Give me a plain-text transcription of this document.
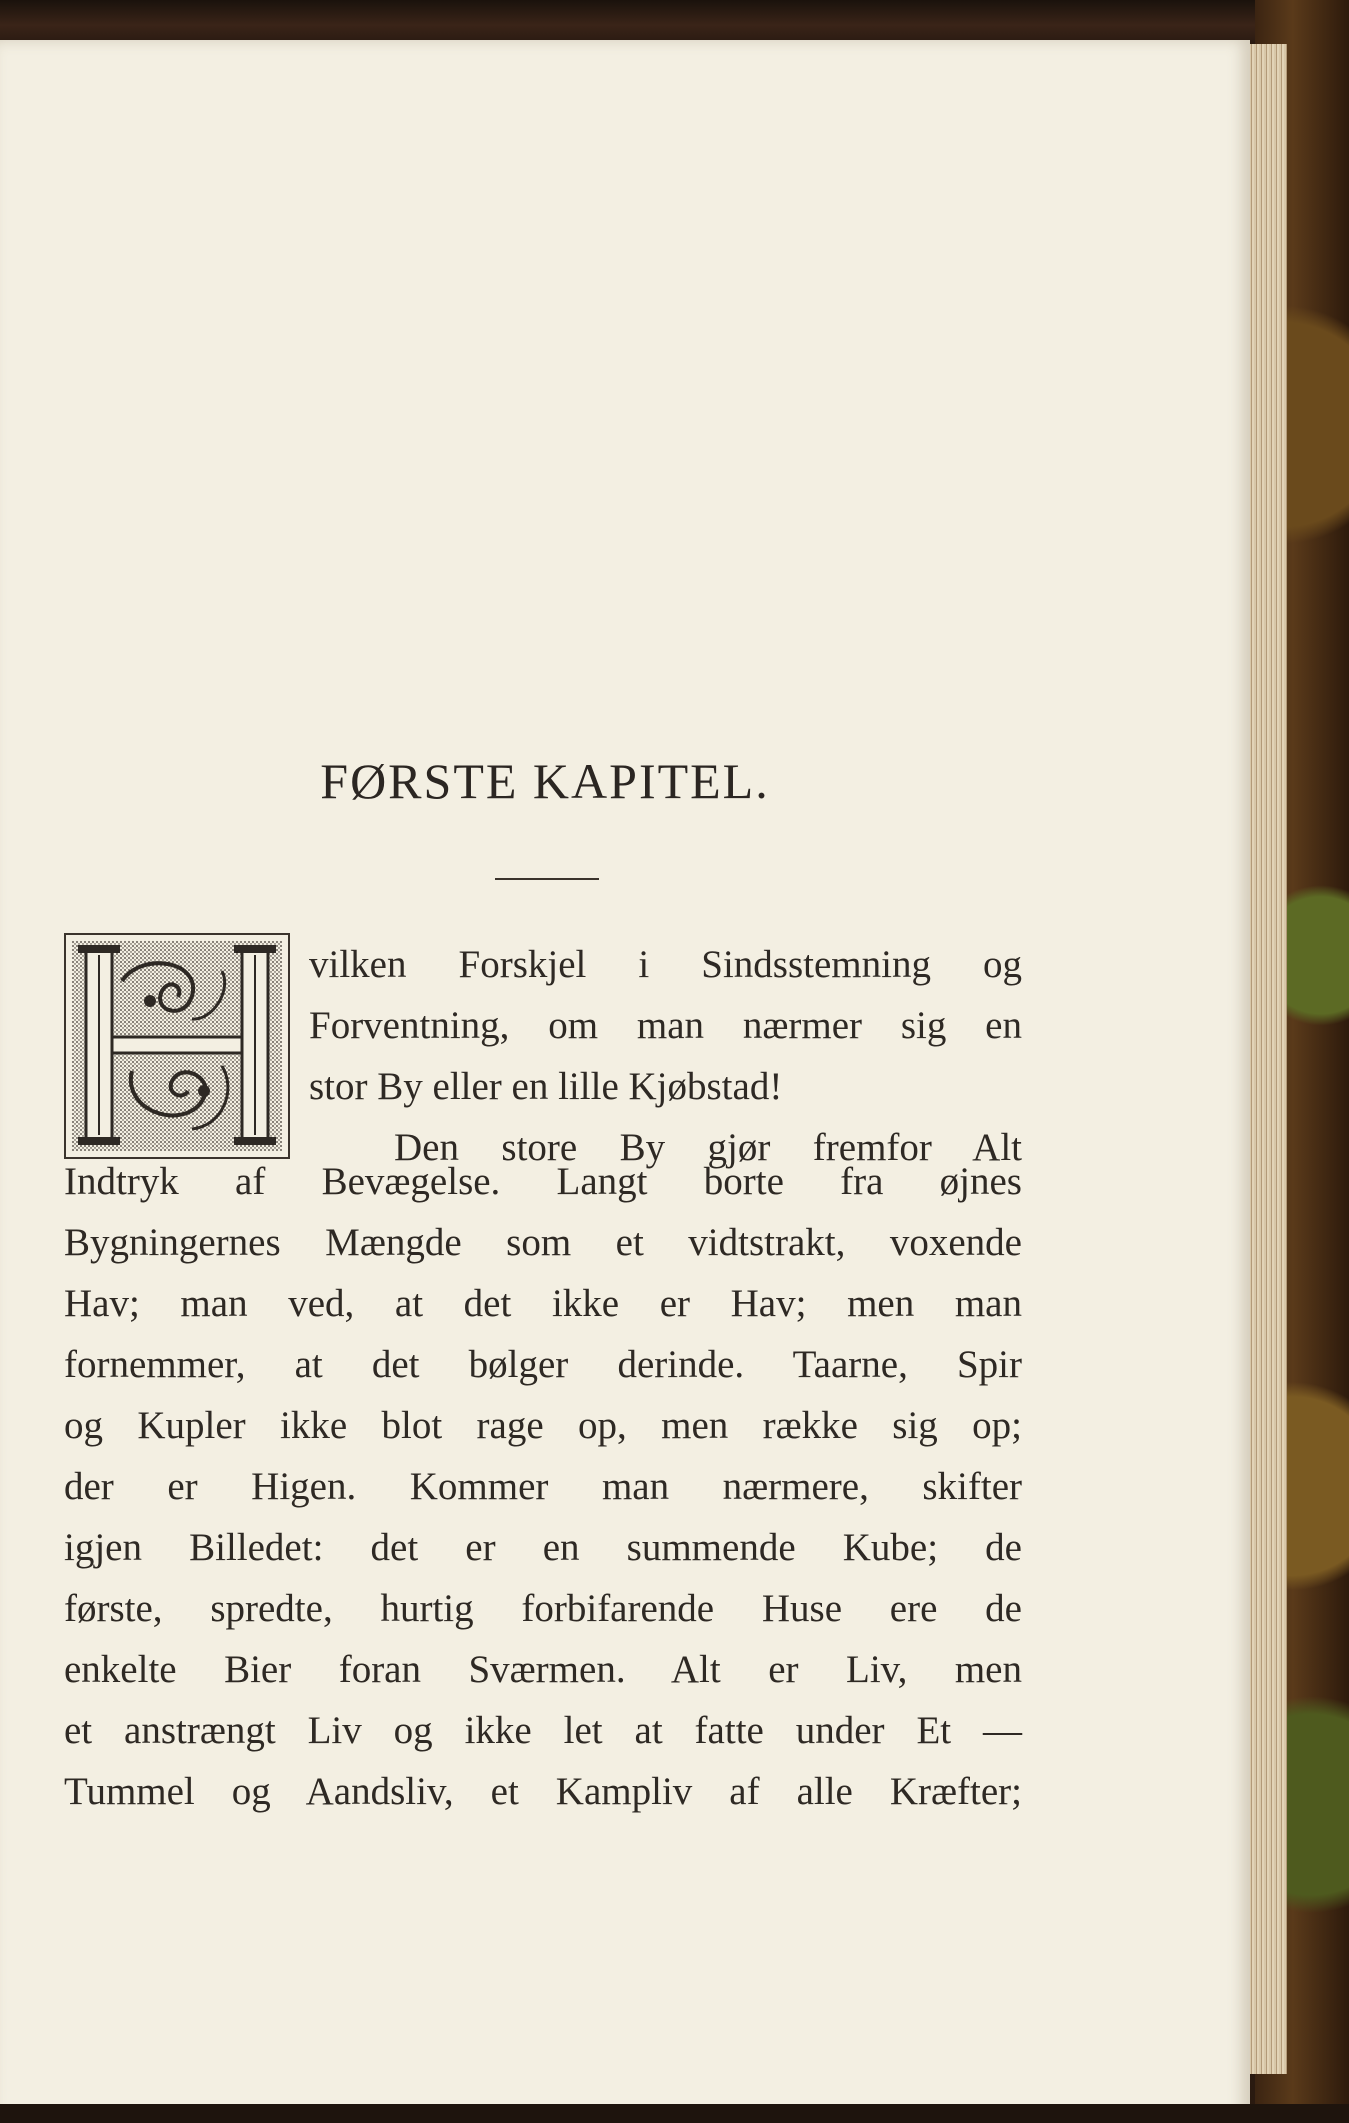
FØRSTE KAPITEL.
vilken Forskjel i Sindsstemning og
Forventning, om man nærmer sig en
stor By eller en lille Kjøbstad!
Den store By gjør fremfor Alt
Indtryk af Bevægelse. Langt borte fra øjnes
Bygningernes Mængde som et vidtstrakt, voxende
Hav; man ved, at det ikke er Hav; men man
fornemmer, at det bølger derinde. Taarne, Spir
og Kupler ikke blot rage op, men række sig op;
der er Higen. Kommer man nærmere, skifter
igjen Billedet: det er en summende Kube; de
første, spredte, hurtig forbifarende Huse ere de
enkelte Bier foran Sværmen. Alt er Liv, men
et anstrængt Liv og ikke let at fatte under Et —
Tummel og Aandsliv, et Kampliv af alle Kræfter;
